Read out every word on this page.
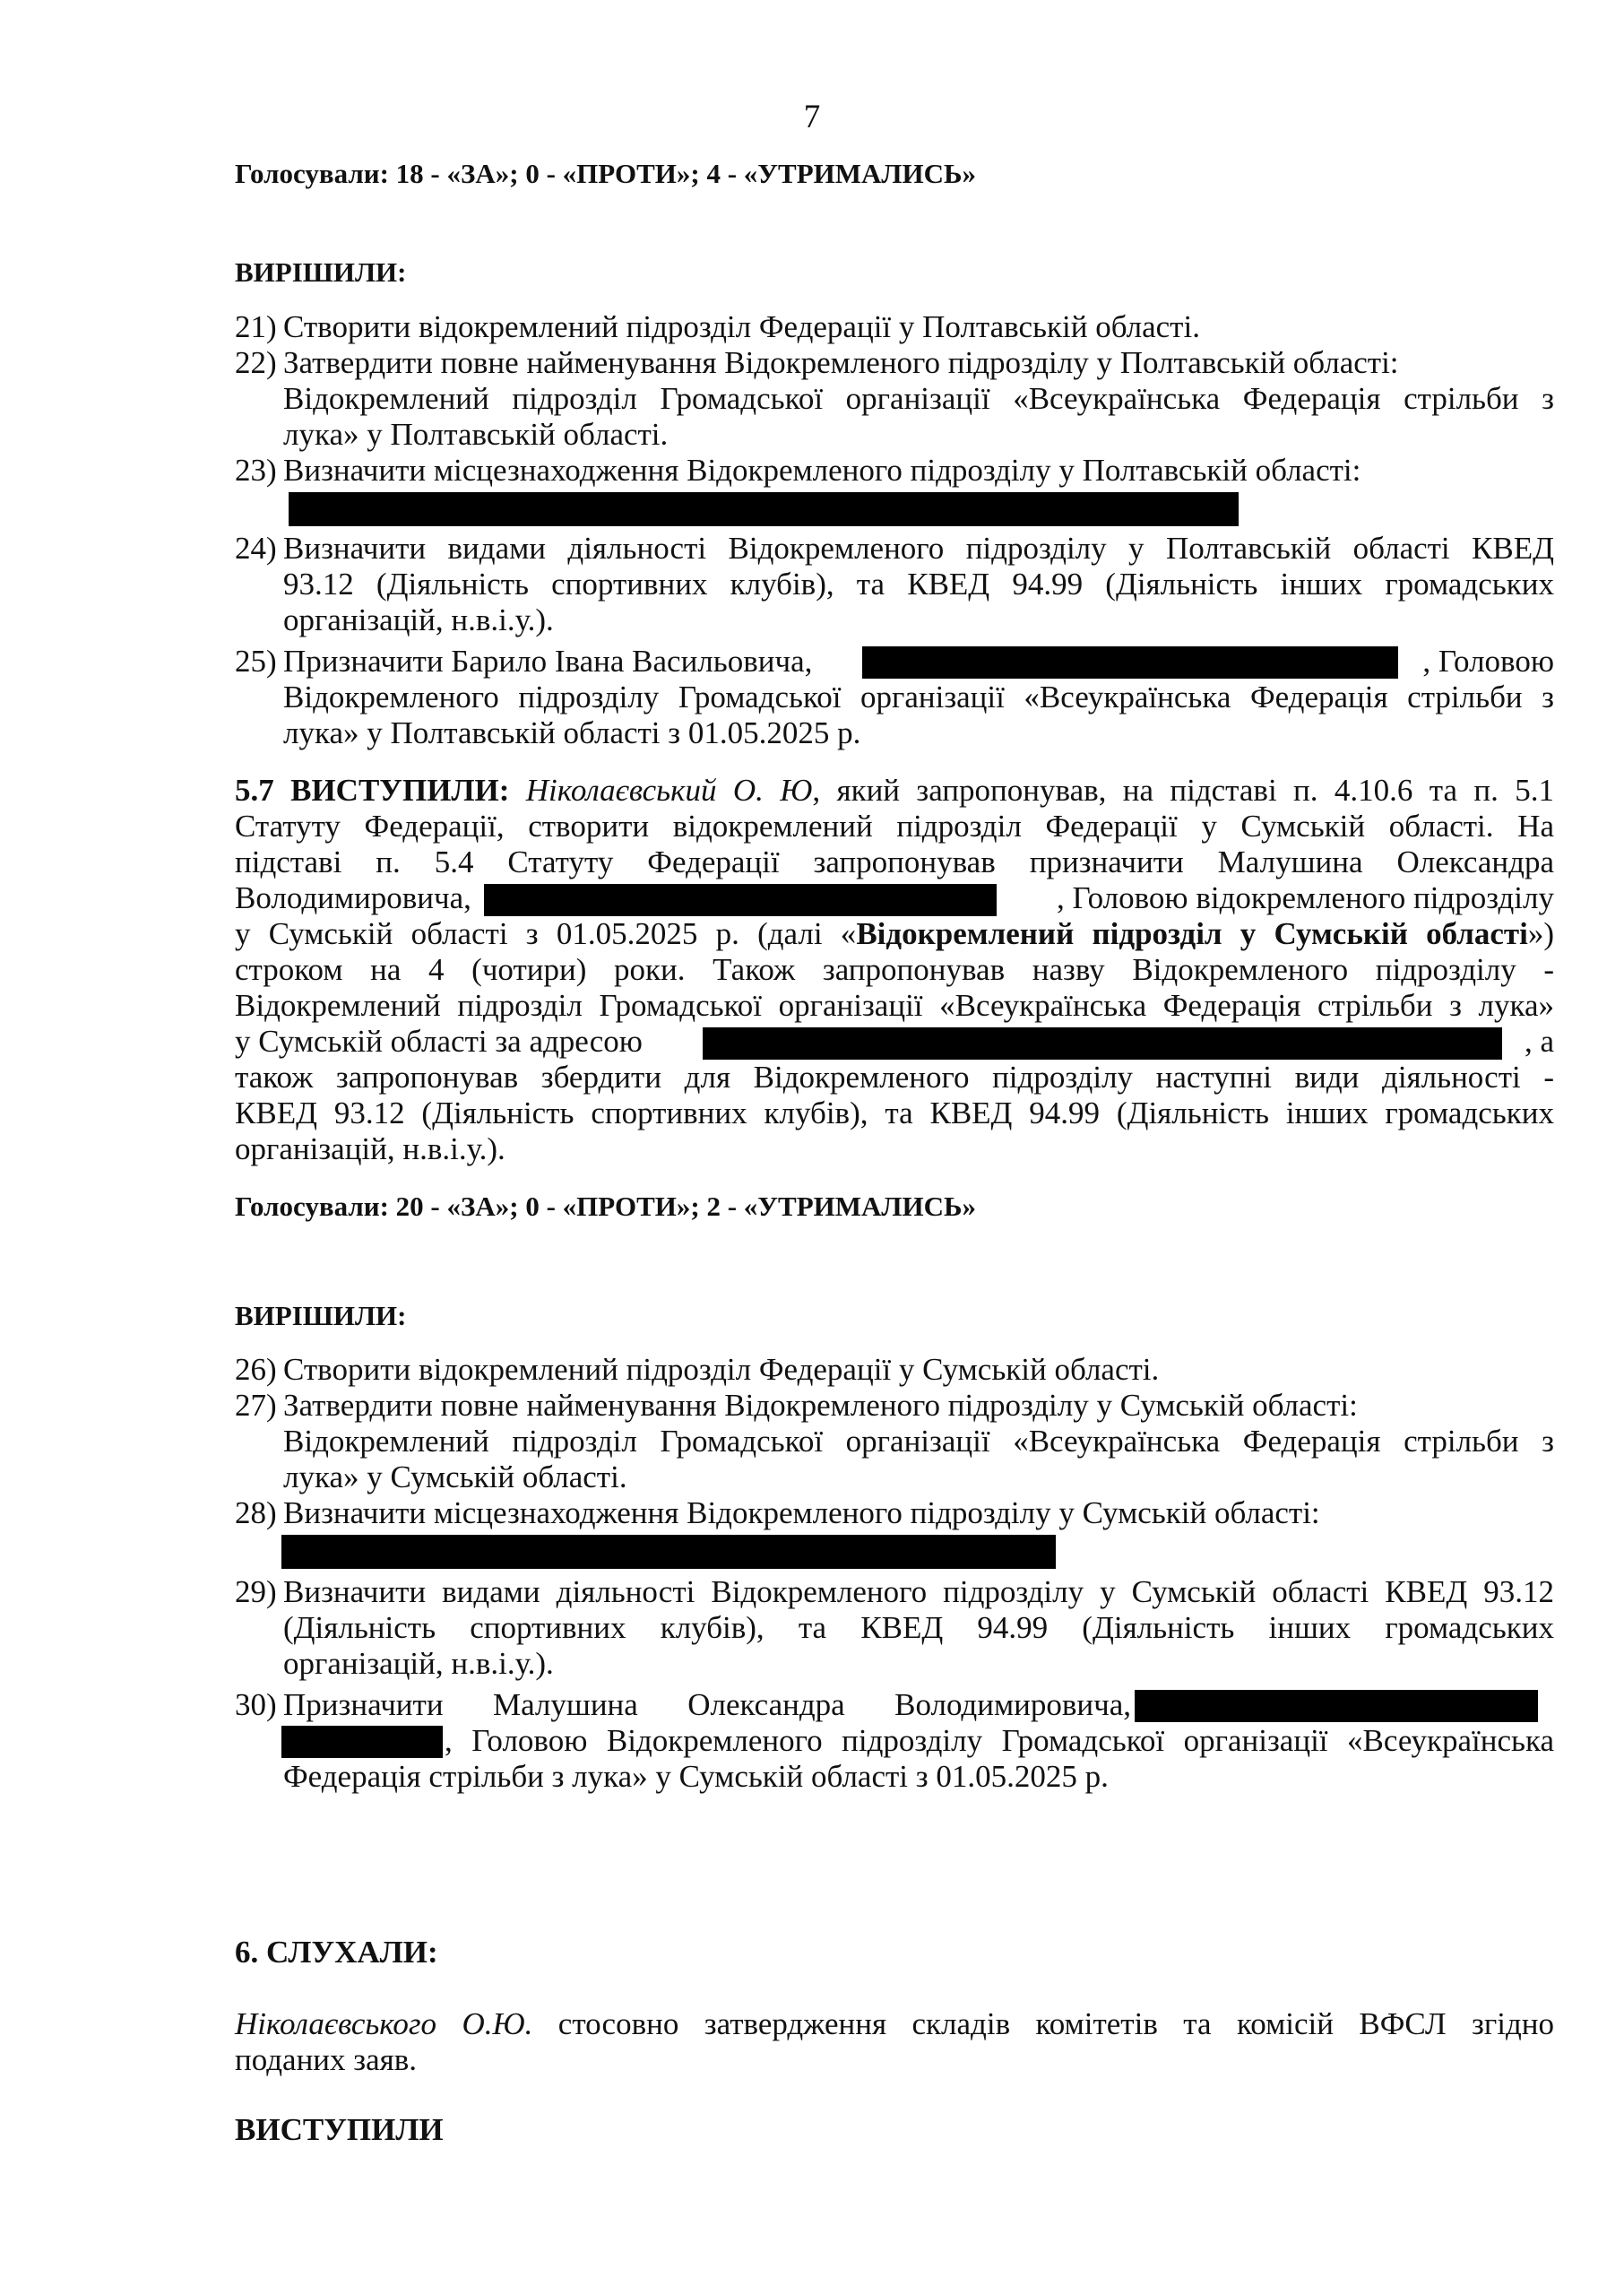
7
Голосували: 18 - «ЗА»; 0 - «ПРОТИ»; 4 - «УТРИМАЛИСЬ»
ВИРІШИЛИ:
21) Створити відокремлений підрозділ Федерації у Полтавській області.
22) Затвердити повне найменування Відокремленого підрозділу у Полтавській області:
Відокремлений підрозділ Громадської організації «Всеукраїнська Федерація стрільби з
лука» у Полтавській області.
23) Визначити місцезнаходження Відокремленого підрозділу у Полтавській області:
24) Визначити видами діяльності Відокремленого підрозділу у Полтавській області КВЕД
93.12 (Діяльність спортивних клубів), та КВЕД 94.99 (Діяльність інших громадських
організацій, н.в.і.у.).
25) Призначити Барило Івана Васильовича,	, Головою
Відокремленого підрозділу Громадської організації «Всеукраїнська Федерація стрільби з
лука» у Полтавській області з 01.05.2025 р.
5.7 ВИСТУПИЛИ: Ніколаєвський О. Ю, який запропонував, на підставі п. 4.10.6 та п. 5.1
Статуту Федерації, створити відокремлений підрозділ Федерації у Сумській області. На
підставі п. 5.4 Статуту Федерації запропонував призначити Малушина Олександра
Володимировича,	, Головою відокремленого підрозділу
у Сумській області з 01.05.2025 р. (далі «Відокремлений підрозділ у Сумській області»)
строком на 4 (чотири) роки. Також запропонував назву Відокремленого підрозділу -
Відокремлений підрозділ Громадської організації «Всеукраїнська Федерація стрільби з лука»
у Сумській області за адресою	, а
також запропонував збердити для Відокремленого підрозділу наступні види діяльності -
КВЕД 93.12 (Діяльність спортивних клубів), та КВЕД 94.99 (Діяльність інших громадських
організацій, н.в.і.у.).
Голосували: 20 - «ЗА»; 0 - «ПРОТИ»; 2 - «УТРИМАЛИСЬ»
ВИРІШИЛИ:
26) Створити відокремлений підрозділ Федерації у Сумській області.
27) Затвердити повне найменування Відокремленого підрозділу у Сумській області:
Відокремлений підрозділ Громадської організації «Всеукраїнська Федерація стрільби з
лука» у Сумській області.
28) Визначити місцезнаходження Відокремленого підрозділу у Сумській області:
29) Визначити видами діяльності Відокремленого підрозділу у Сумській області КВЕД 93.12
(Діяльність спортивних клубів), та КВЕД 94.99 (Діяльність інших громадських
організацій, н.в.і.у.).
30) Призначити Малушина Олександра Володимировича,
, Головою Відокремленого підрозділу Громадської організації «Всеукраїнська
Федерація стрільби з лука» у Сумській області з 01.05.2025 р.
6. СЛУХАЛИ:
Ніколаєвського О.Ю. стосовно затвердження складів комітетів та комісій ВФСЛ згідно
поданих заяв.
ВИСТУПИЛИ
